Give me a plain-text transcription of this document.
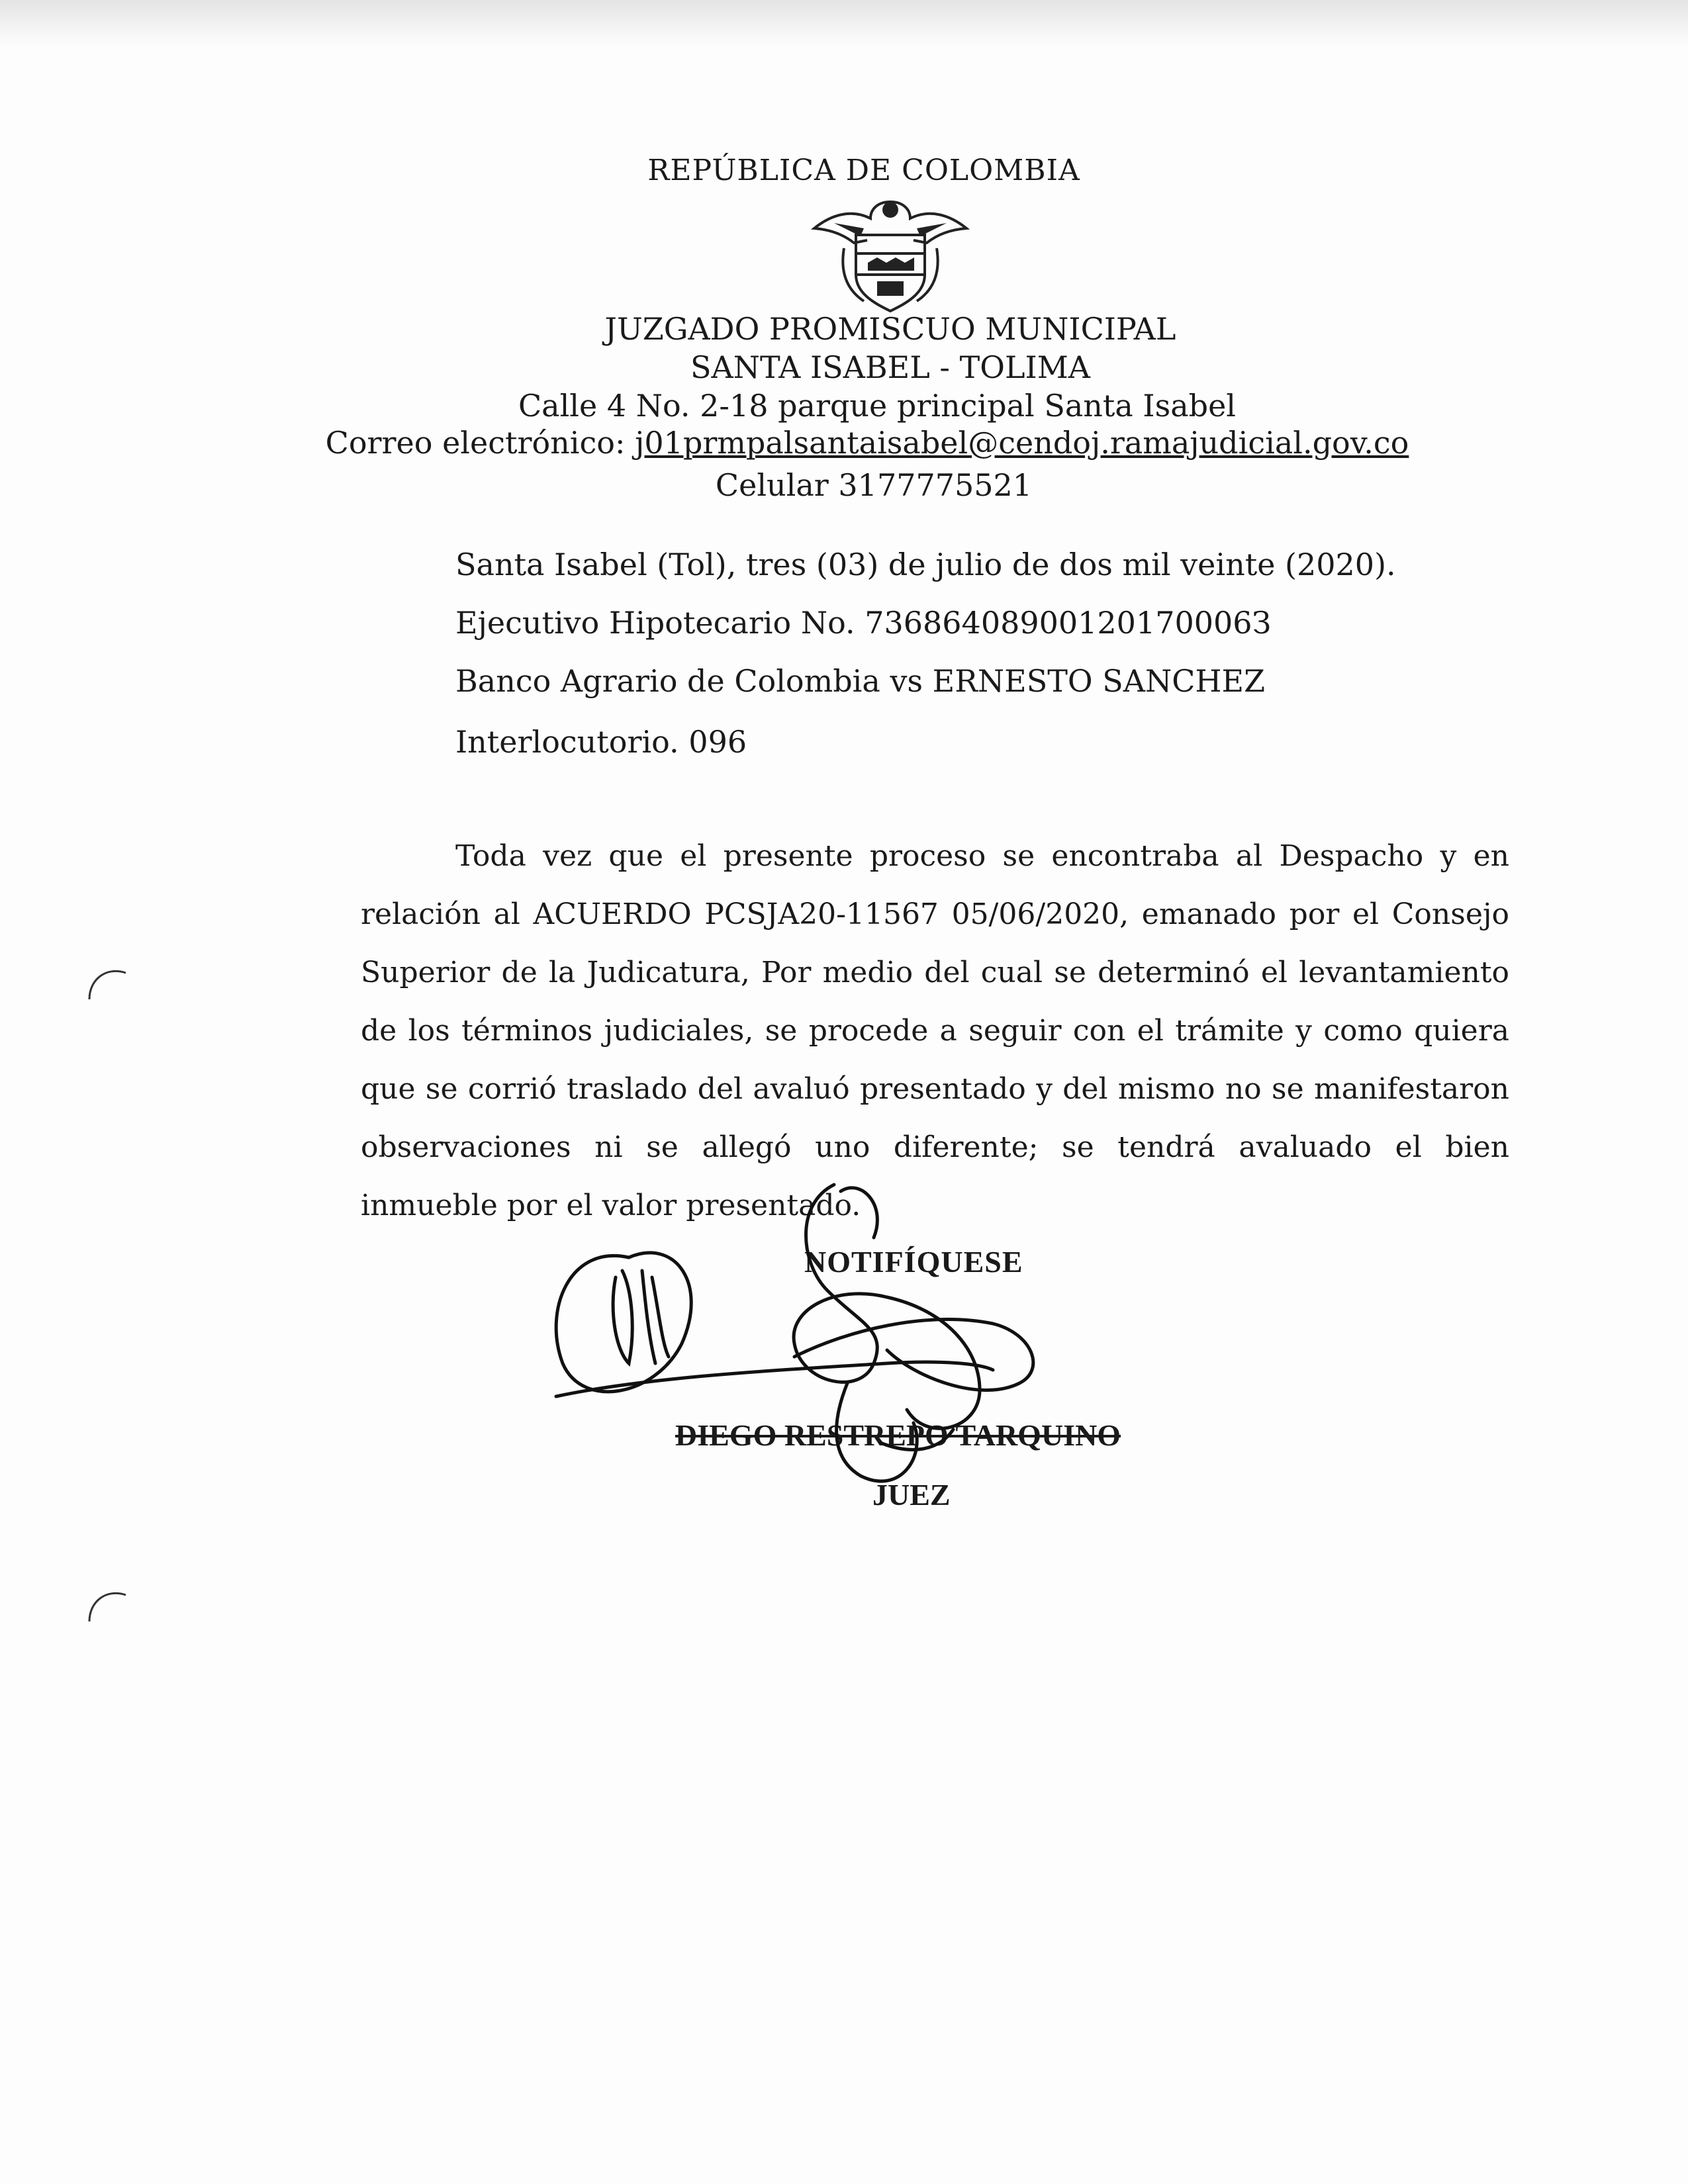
REPÚBLICA DE COLOMBIA
JUZGADO PROMISCUO MUNICIPAL
SANTA ISABEL - TOLIMA
Calle 4 No. 2-18 parque principal Santa Isabel
Correo electrónico: j01prmpalsantaisabel@cendoj.ramajudicial.gov.co
Celular 3177775521
Santa Isabel (Tol), tres (03) de julio de dos mil veinte (2020).
Ejecutivo Hipotecario No. 73686408900120170006З
Banco Agrario de Colombia vs ERNESTO SANCHEZ
Interlocutorio. 096

Toda vez que el presente proceso se encontraba al Despacho y en relación al ACUERDO PCSJA20-11567 05/06/2020, emanado por el Consejo Superior de la Judicatura, Por medio del cual se determinó el levantamiento de los términos judiciales, se procede a seguir con el trámite y como quiera que se corrió traslado del avaluó presentado y del mismo no se manifestaron observaciones ni se allegó uno diferente; se tendrá avaluado el bien inmueble por el valor presentado.

NOTIFÍQUESE
DIEGO RESTREPO TARQUINO
JUEZ
